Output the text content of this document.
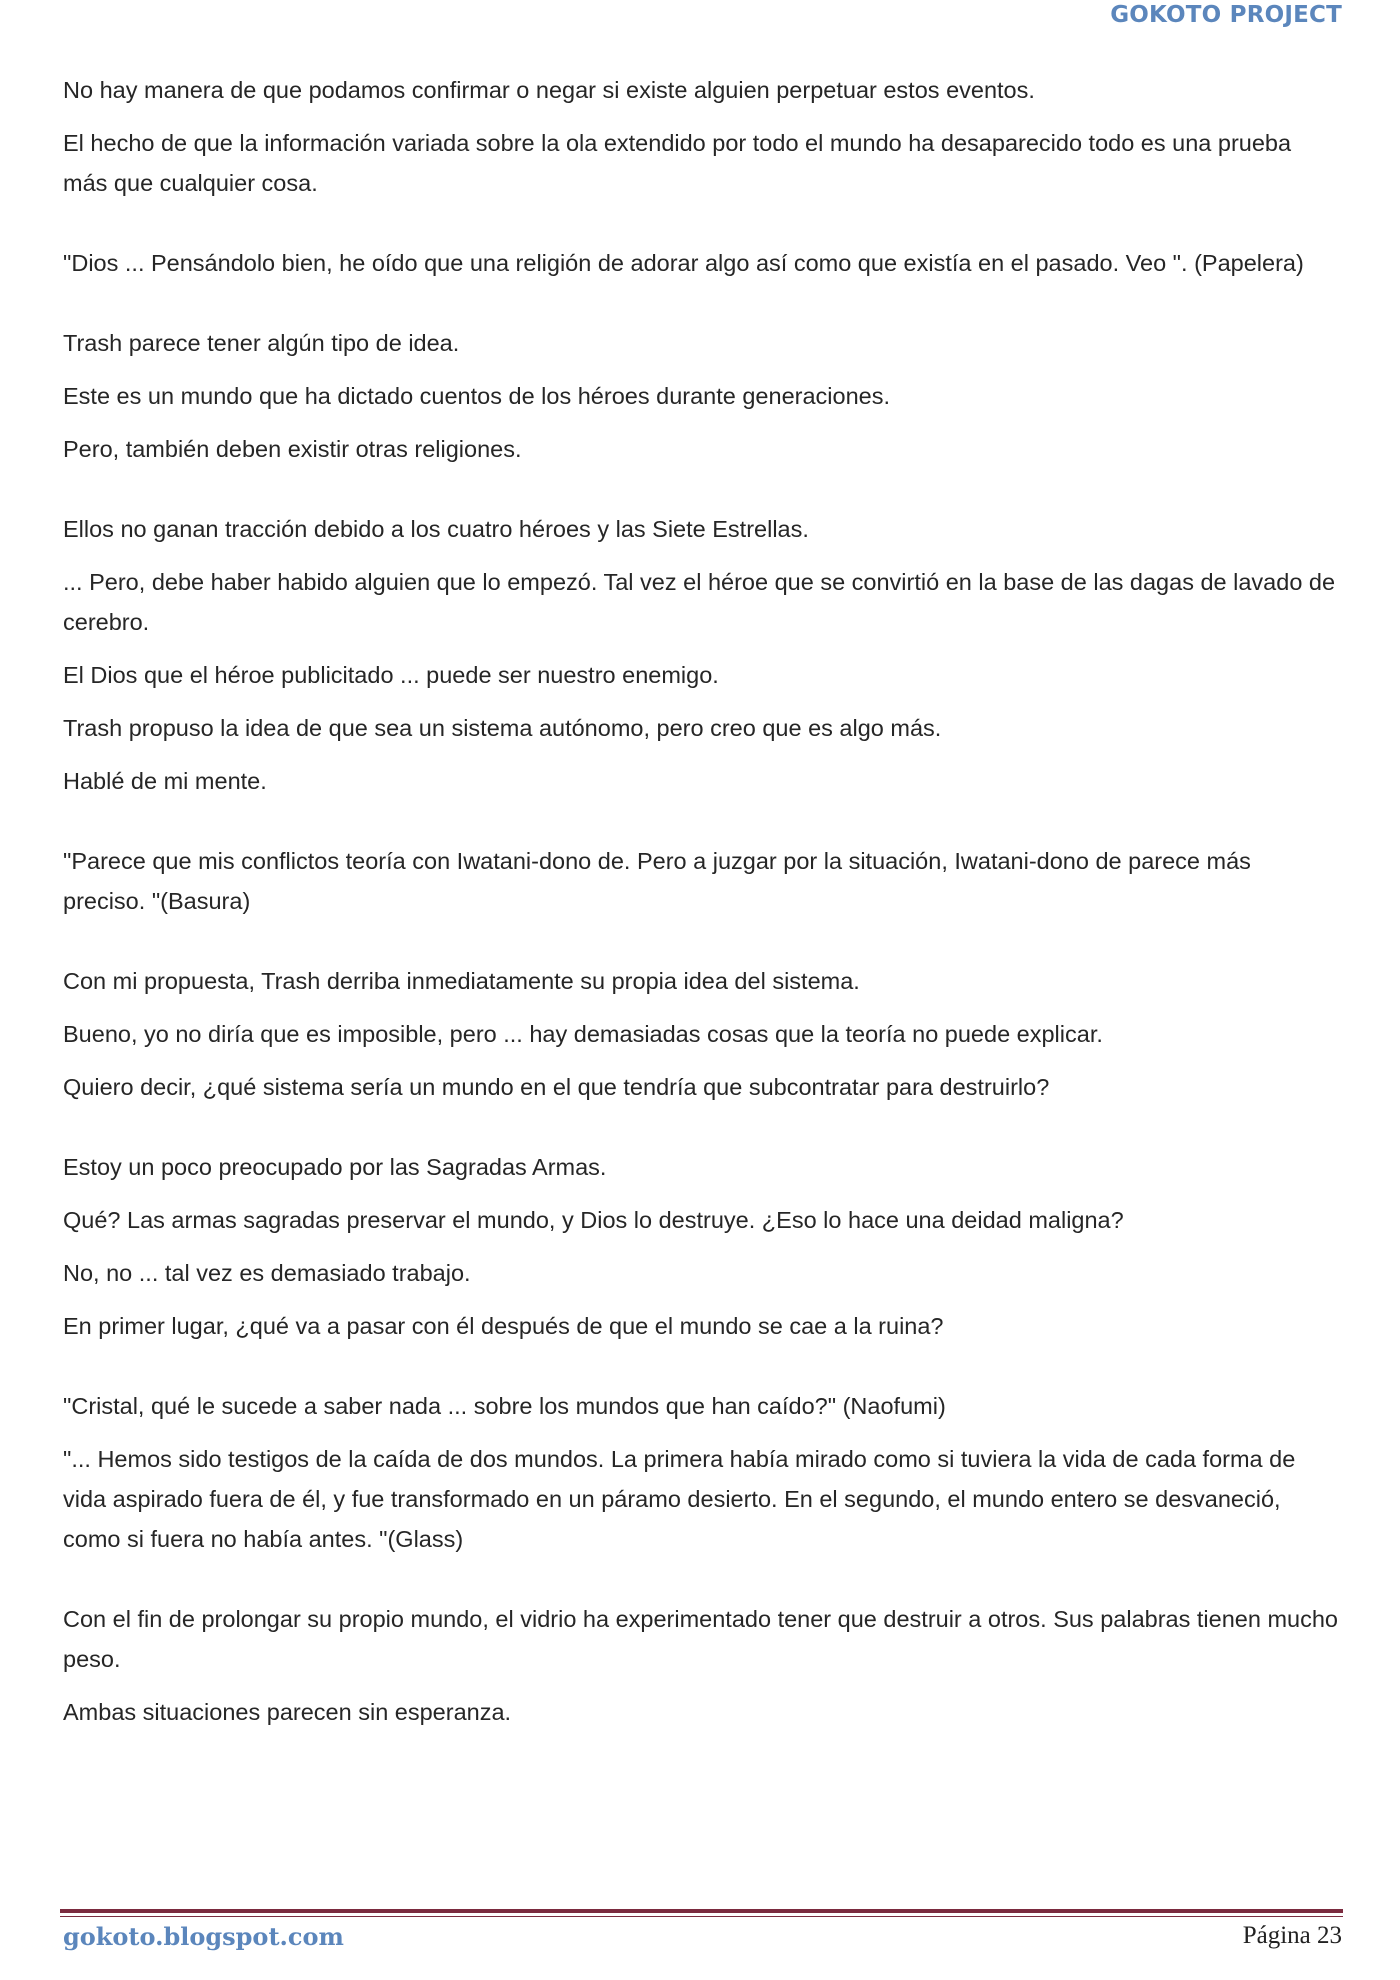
GOKOTO PROJECT

No hay manera de que podamos confirmar o negar si existe alguien perpetuar estos eventos.

El hecho de que la información variada sobre la ola extendido por todo el mundo ha desaparecido todo es una prueba más que cualquier cosa.

"Dios ... Pensándolo bien, he oído que una religión de adorar algo así como que existía en el pasado. Veo ". (Papelera)

Trash parece tener algún tipo de idea.

Este es un mundo que ha dictado cuentos de los héroes durante generaciones.

Pero, también deben existir otras religiones.

Ellos no ganan tracción debido a los cuatro héroes y las Siete Estrellas.

... Pero, debe haber habido alguien que lo empezó. Tal vez el héroe que se convirtió en la base de las dagas de lavado de cerebro.

El Dios que el héroe publicitado ... puede ser nuestro enemigo.

Trash propuso la idea de que sea un sistema autónomo, pero creo que es algo más.

Hablé de mi mente.

"Parece que mis conflictos teoría con Iwatani-dono de. Pero a juzgar por la situación, Iwatani-dono de parece más preciso. "(Basura)

Con mi propuesta, Trash derriba inmediatamente su propia idea del sistema.

Bueno, yo no diría que es imposible, pero ... hay demasiadas cosas que la teoría no puede explicar.

Quiero decir, ¿qué sistema sería un mundo en el que tendría que subcontratar para destruirlo?

Estoy un poco preocupado por las Sagradas Armas.

Qué? Las armas sagradas preservar el mundo, y Dios lo destruye. ¿Eso lo hace una deidad maligna?

No, no ... tal vez es demasiado trabajo.

En primer lugar, ¿qué va a pasar con él después de que el mundo se cae a la ruina?

"Cristal, qué le sucede a saber nada ... sobre los mundos que han caído?" (Naofumi)

"... Hemos sido testigos de la caída de dos mundos. La primera había mirado como si tuviera la vida de cada forma de vida aspirado fuera de él, y fue transformado en un páramo desierto. En el segundo, el mundo entero se desvaneció, como si fuera no había antes. "(Glass)

Con el fin de prolongar su propio mundo, el vidrio ha experimentado tener que destruir a otros. Sus palabras tienen mucho peso.

Ambas situaciones parecen sin esperanza.

gokoto.blogspot.com	Página 23
